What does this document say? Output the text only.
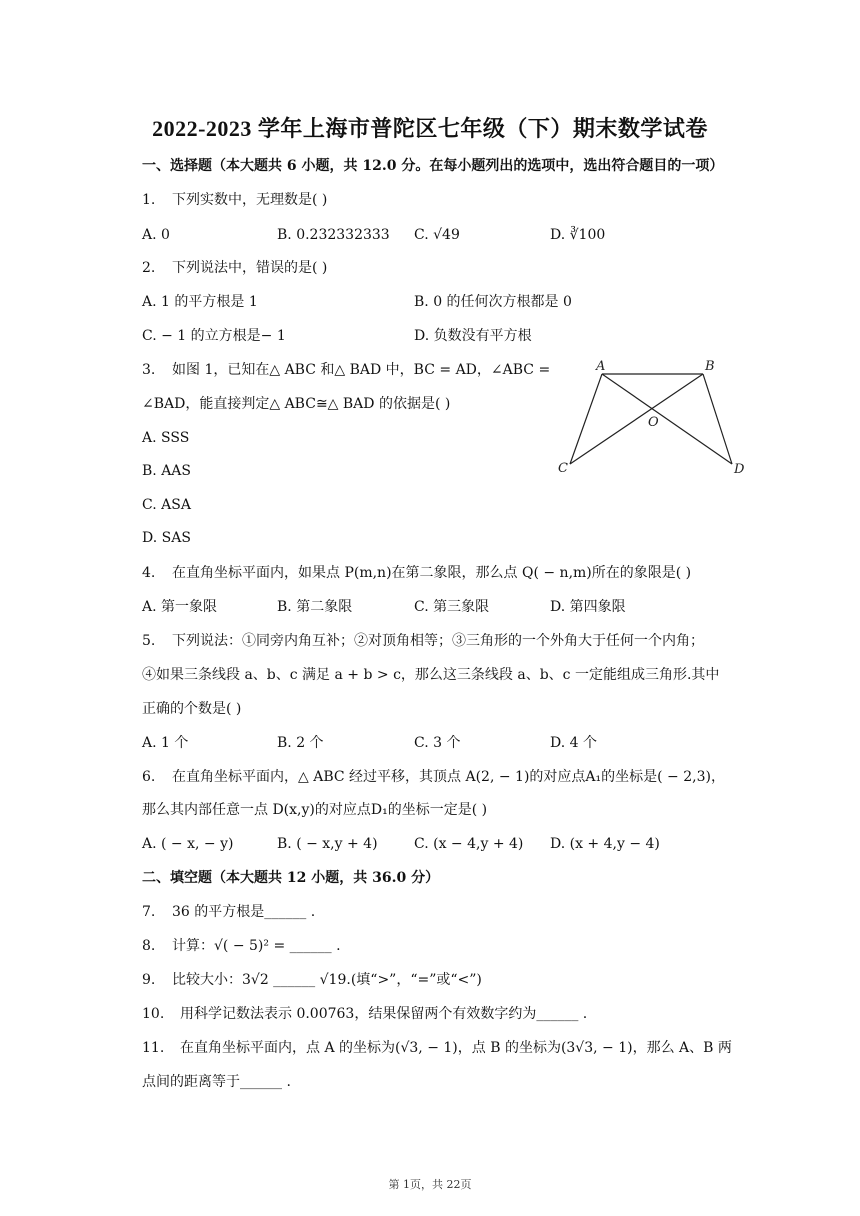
2022-2023 学年上海市普陀区七年级（下）期末数学试卷
一、选择题（本大题共 6 小题，共 12.0 分。在每小题列出的选项中，选出符合题目的一项）
1. 下列实数中，无理数是( )
A. 0	B. 0.232332333 C. √49	D. ∛100
2. 下列说法中，错误的是( )
A. 1 的平方根是 1	B. 0 的任何次方根都是 0
C. − 1 的立方根是− 1	D. 负数没有平方根
3. 如图 1，已知在△ ABC 和△ BAD 中，BC = AD，∠ABC =
∠BAD，能直接判定△ ABC≅△ BAD 的依据是( )
A. SSS
B. AAS
C. ASA
D. SAS
A	B
C	D
O
4. 在直角坐标平面内，如果点 P(m,n)在第二象限，那么点 Q( − n,m)所在的象限是( )
A. 第一象限	B. 第二象限	C. 第三象限	D. 第四象限
5. 下列说法：①同旁内角互补；②对顶角相等；③三角形的一个外角大于任何一个内角；
④如果三条线段 a、b、c 满足 a + b > c，那么这三条线段 a、b、c 一定能组成三角形.其中
正确的个数是( )
A. 1 个	B. 2 个	C. 3 个	D. 4 个
6. 在直角坐标平面内，△ ABC 经过平移，其顶点 A(2, − 1)的对应点A₁的坐标是( − 2,3)，
那么其内部任意一点 D(x,y)的对应点D₁的坐标一定是( )
A. ( − x, − y)	B. ( − x,y + 4)	C. (x − 4,y + 4) D. (x + 4,y − 4)
二、填空题（本大题共 12 小题，共 36.0 分）
7. 36 的平方根是______ .
8. 计算：√( − 5)² = ______ .
9. 比较大小：3√2 ______ √19.(填“>”，“=”或“<”)
10. 用科学记数法表示 0.00763，结果保留两个有效数字约为______ .
11. 在直角坐标平面内，点 A 的坐标为(√3, − 1)，点 B 的坐标为(3√3, − 1)，那么 A、B 两
点间的距离等于______ .
第 1页，共 22页
